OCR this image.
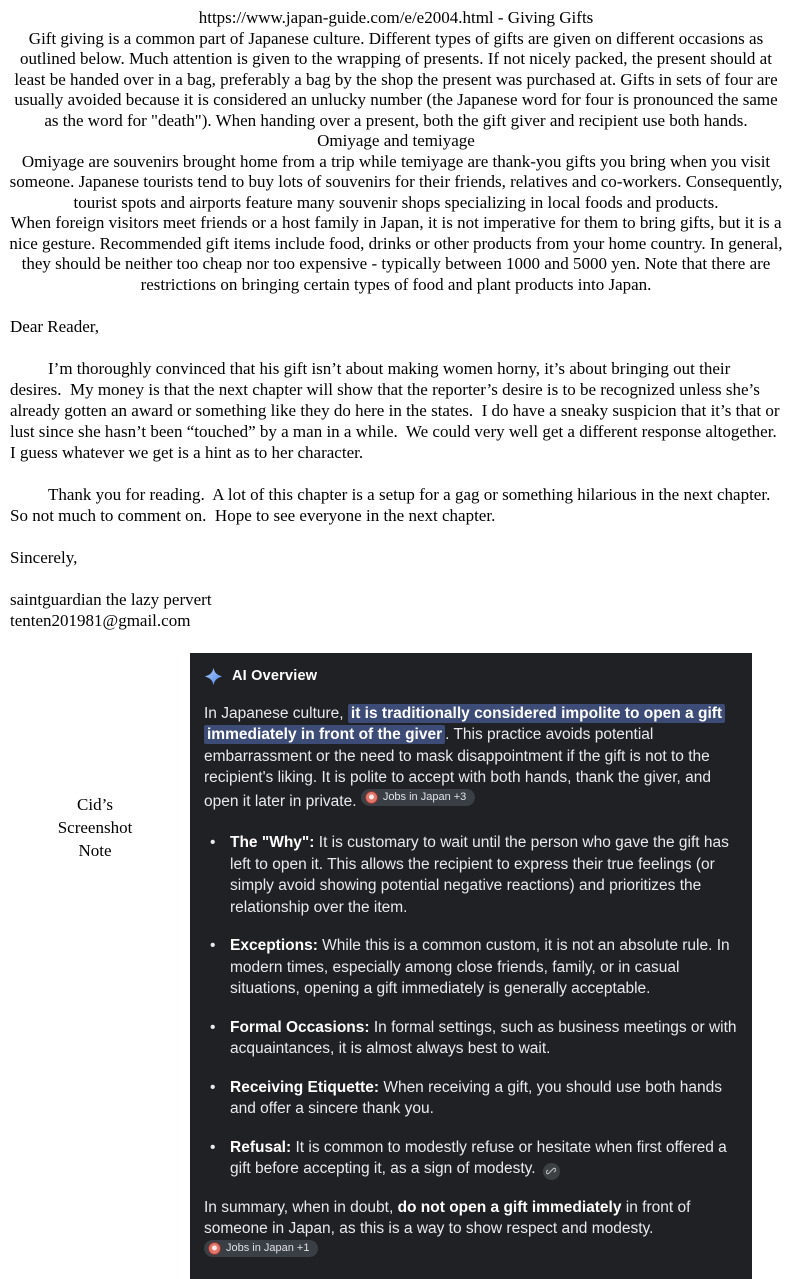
https://www.japan-guide.com/e/e2004.html - Giving Gifts

Gift giving is a common part of Japanese culture. Different types of gifts are given on different occasions as outlined below. Much attention is given to the wrapping of presents. If not nicely packed, the present should at least be handed over in a bag, preferably a bag by the shop the present was purchased at. Gifts in sets of four are usually avoided because it is considered an unlucky number (the Japanese word for four is pronounced the same as the word for "death"). When handing over a present, both the gift giver and recipient use both hands.

Omiyage and temiyage

Omiyage are souvenirs brought home from a trip while temiyage are thank-you gifts you bring when you visit someone. Japanese tourists tend to buy lots of souvenirs for their friends, relatives and co-workers. Consequently, tourist spots and airports feature many souvenir shops specializing in local foods and products.

When foreign visitors meet friends or a host family in Japan, it is not imperative for them to bring gifts, but it is a nice gesture. Recommended gift items include food, drinks or other products from your home country. In general, they should be neither too cheap nor too expensive - typically between 1000 and 5000 yen. Note that there are restrictions on bringing certain types of food and plant products into Japan.

Dear Reader,

I’m thoroughly convinced that his gift isn’t about making women horny, it’s about bringing out their desires.  My money is that the next chapter will show that the reporter’s desire is to be recognized unless she’s already gotten an award or something like they do here in the states.  I do have a sneaky suspicion that it’s that or lust since she hasn’t been “touched” by a man in a while.  We could very well get a different response altogether.  I guess whatever we get is a hint as to her character.

Thank you for reading.  A lot of this chapter is a setup for a gag or something hilarious in the next chapter.  So not much to comment on.  Hope to see everyone in the next chapter.

Sincerely,

saintguardian the lazy pervert

tenten201981@gmail.com

Cid’s
Screenshot
Note
AI Overview
In Japanese culture, it is traditionally considered impolite to open a gift immediately in front of the giver . This practice avoids potential embarrassment or the need to mask disappointment if the gift is not to the recipient's liking. It is polite to accept with both hands, thank the giver, and open it later in private. Jobs in Japan +3
• The "Why": It is customary to wait until the person who gave the gift has left to open it. This allows the recipient to express their true feelings (or simply avoid showing potential negative reactions) and prioritizes the relationship over the item.
• Exceptions: While this is a common custom, it is not an absolute rule. In modern times, especially among close friends, family, or in casual situations, opening a gift immediately is generally acceptable.
• Formal Occasions: In formal settings, such as business meetings or with acquaintances, it is almost always best to wait.
• Receiving Etiquette: When receiving a gift, you should use both hands and offer a sincere thank you.
• Refusal: It is common to modestly refuse or hesitate when first offered a gift before accepting it, as a sign of modesty.
In summary, when in doubt, do not open a gift immediately in front of someone in Japan, as this is a way to show respect and modesty.
Jobs in Japan +1
